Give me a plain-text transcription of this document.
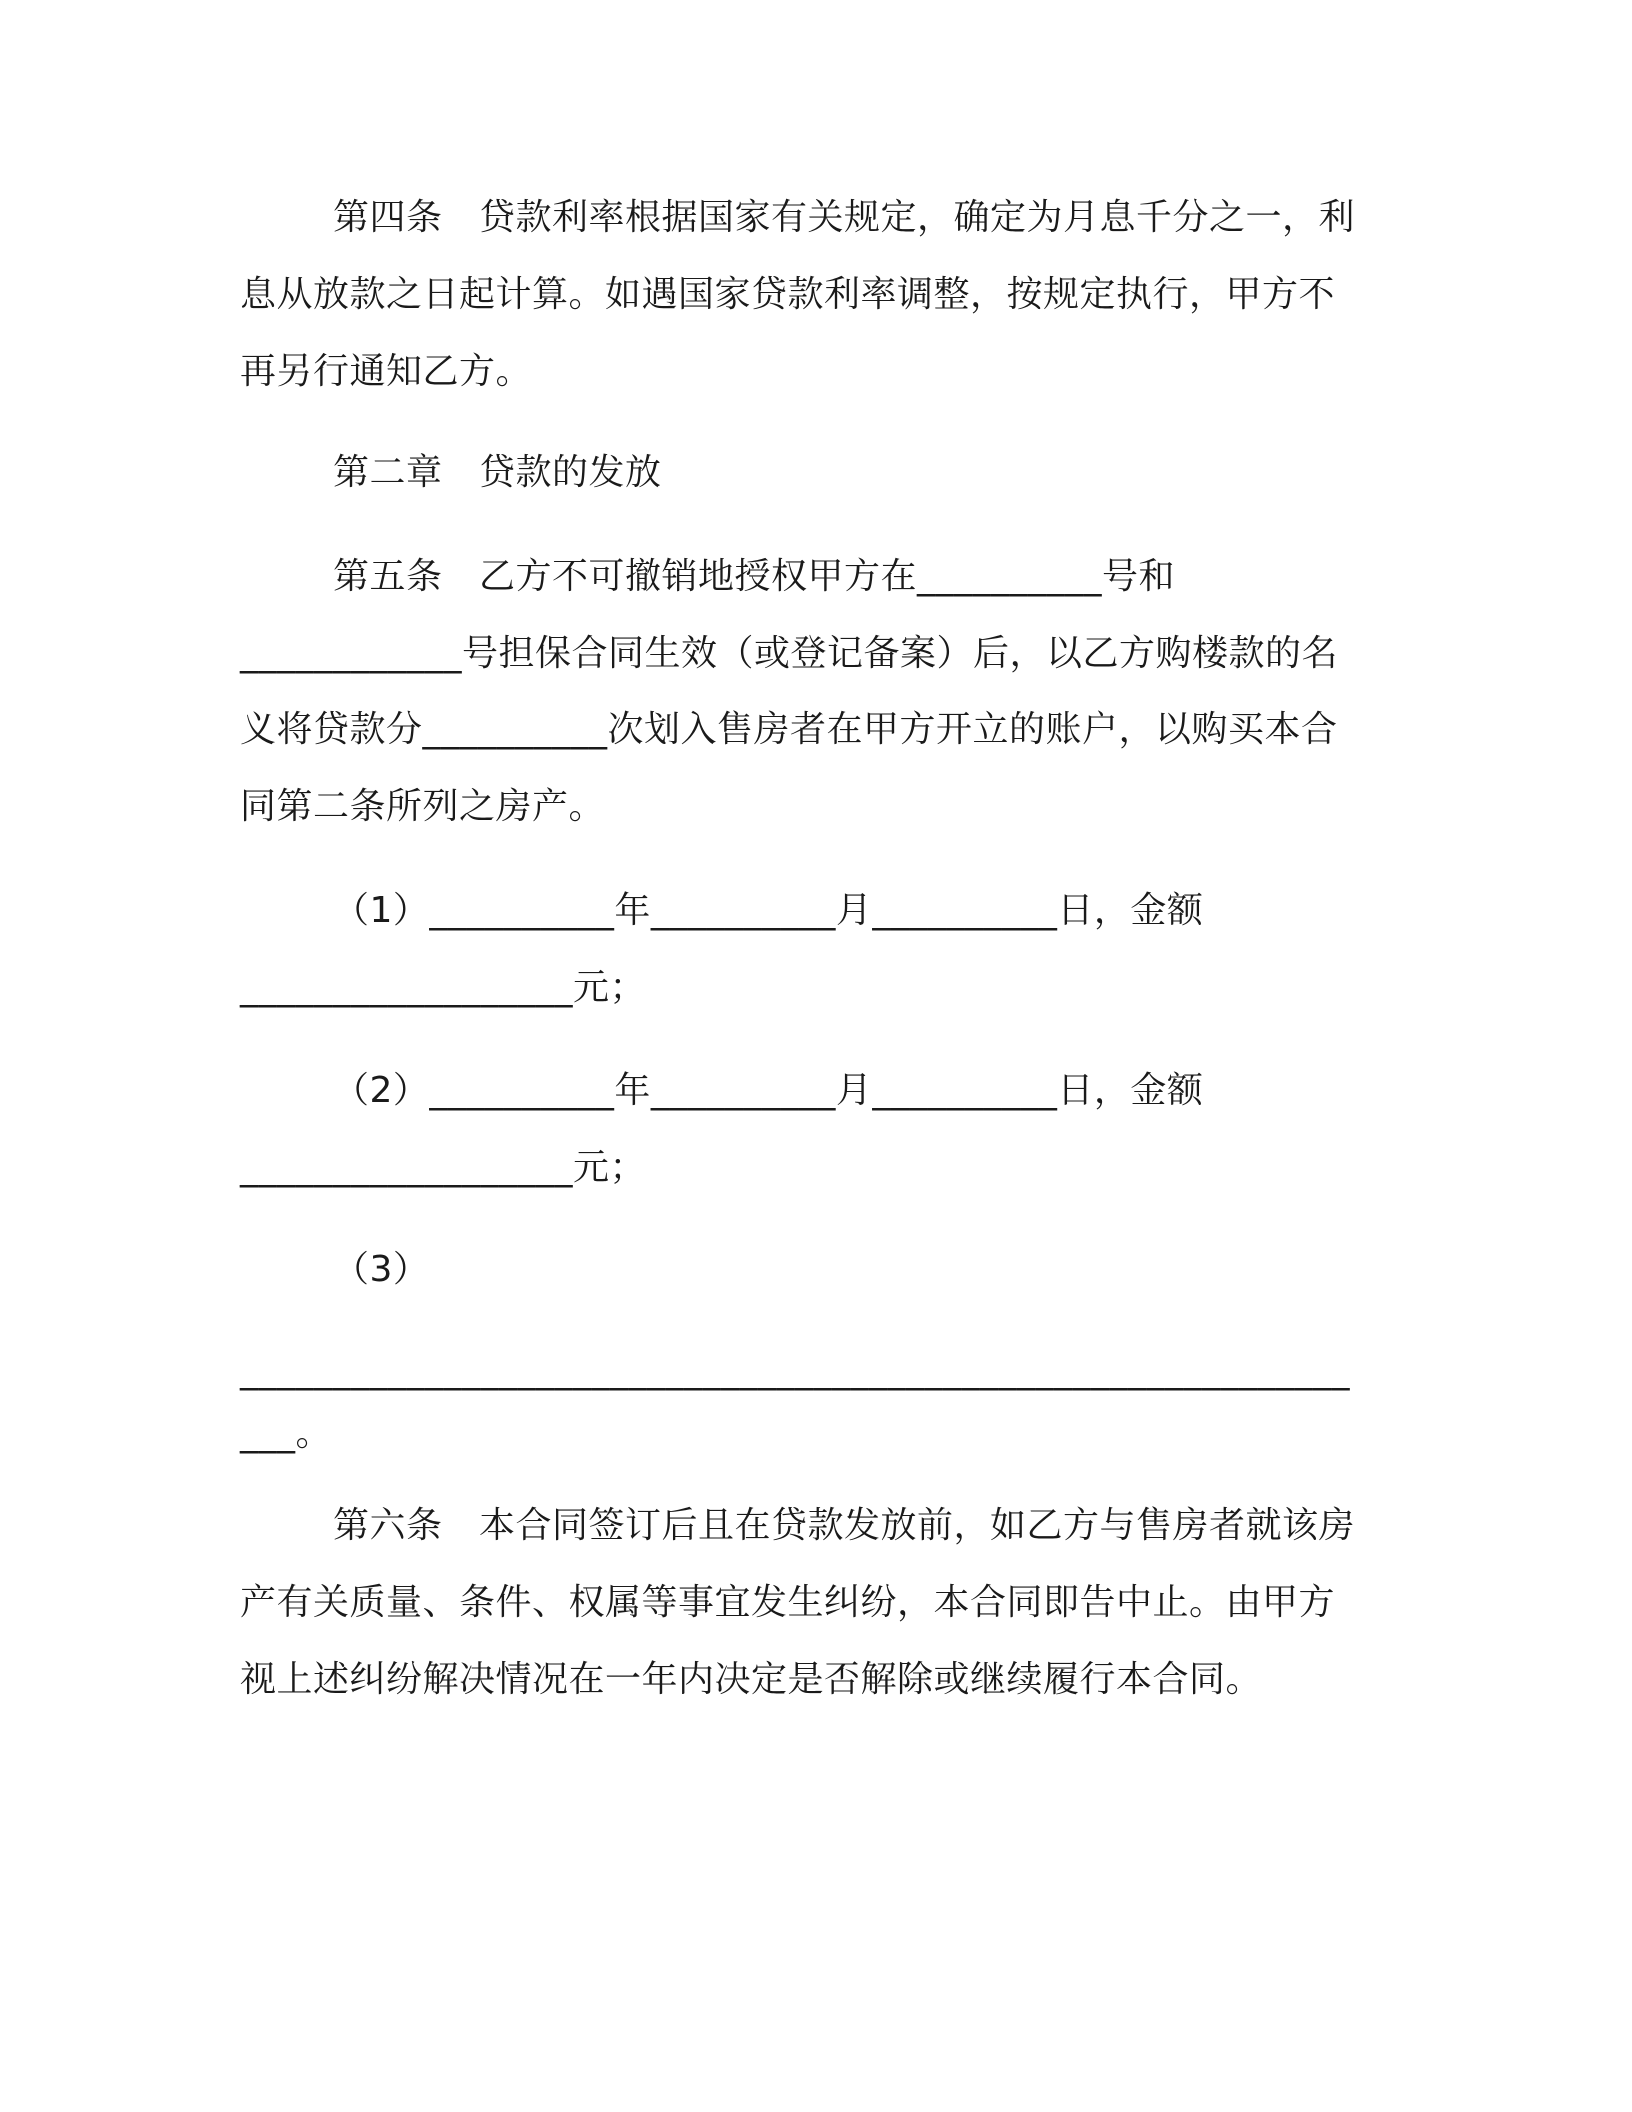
第四条　贷款利率根据国家有关规定，确定为月息千分之一，利
息从放款之日起计算。如遇国家贷款利率调整，按规定执行，甲方不
再另行通知乙方。
第二章　贷款的发放
第五条　乙方不可撤销地授权甲方在__________号和
____________号担保合同生效（或登记备案）后，以乙方购楼款的名
义将贷款分__________次划入售房者在甲方开立的账户，以购买本合
同第二条所列之房产。
（1）__________年__________月__________日，金额
__________________元；
（2）__________年__________月__________日，金额
__________________元；
（3）
____________________________________________________________
___。
第六条　本合同签订后且在贷款发放前，如乙方与售房者就该房
产有关质量、条件、权属等事宜发生纠纷，本合同即告中止。由甲方
视上述纠纷解决情况在一年内决定是否解除或继续履行本合同。
